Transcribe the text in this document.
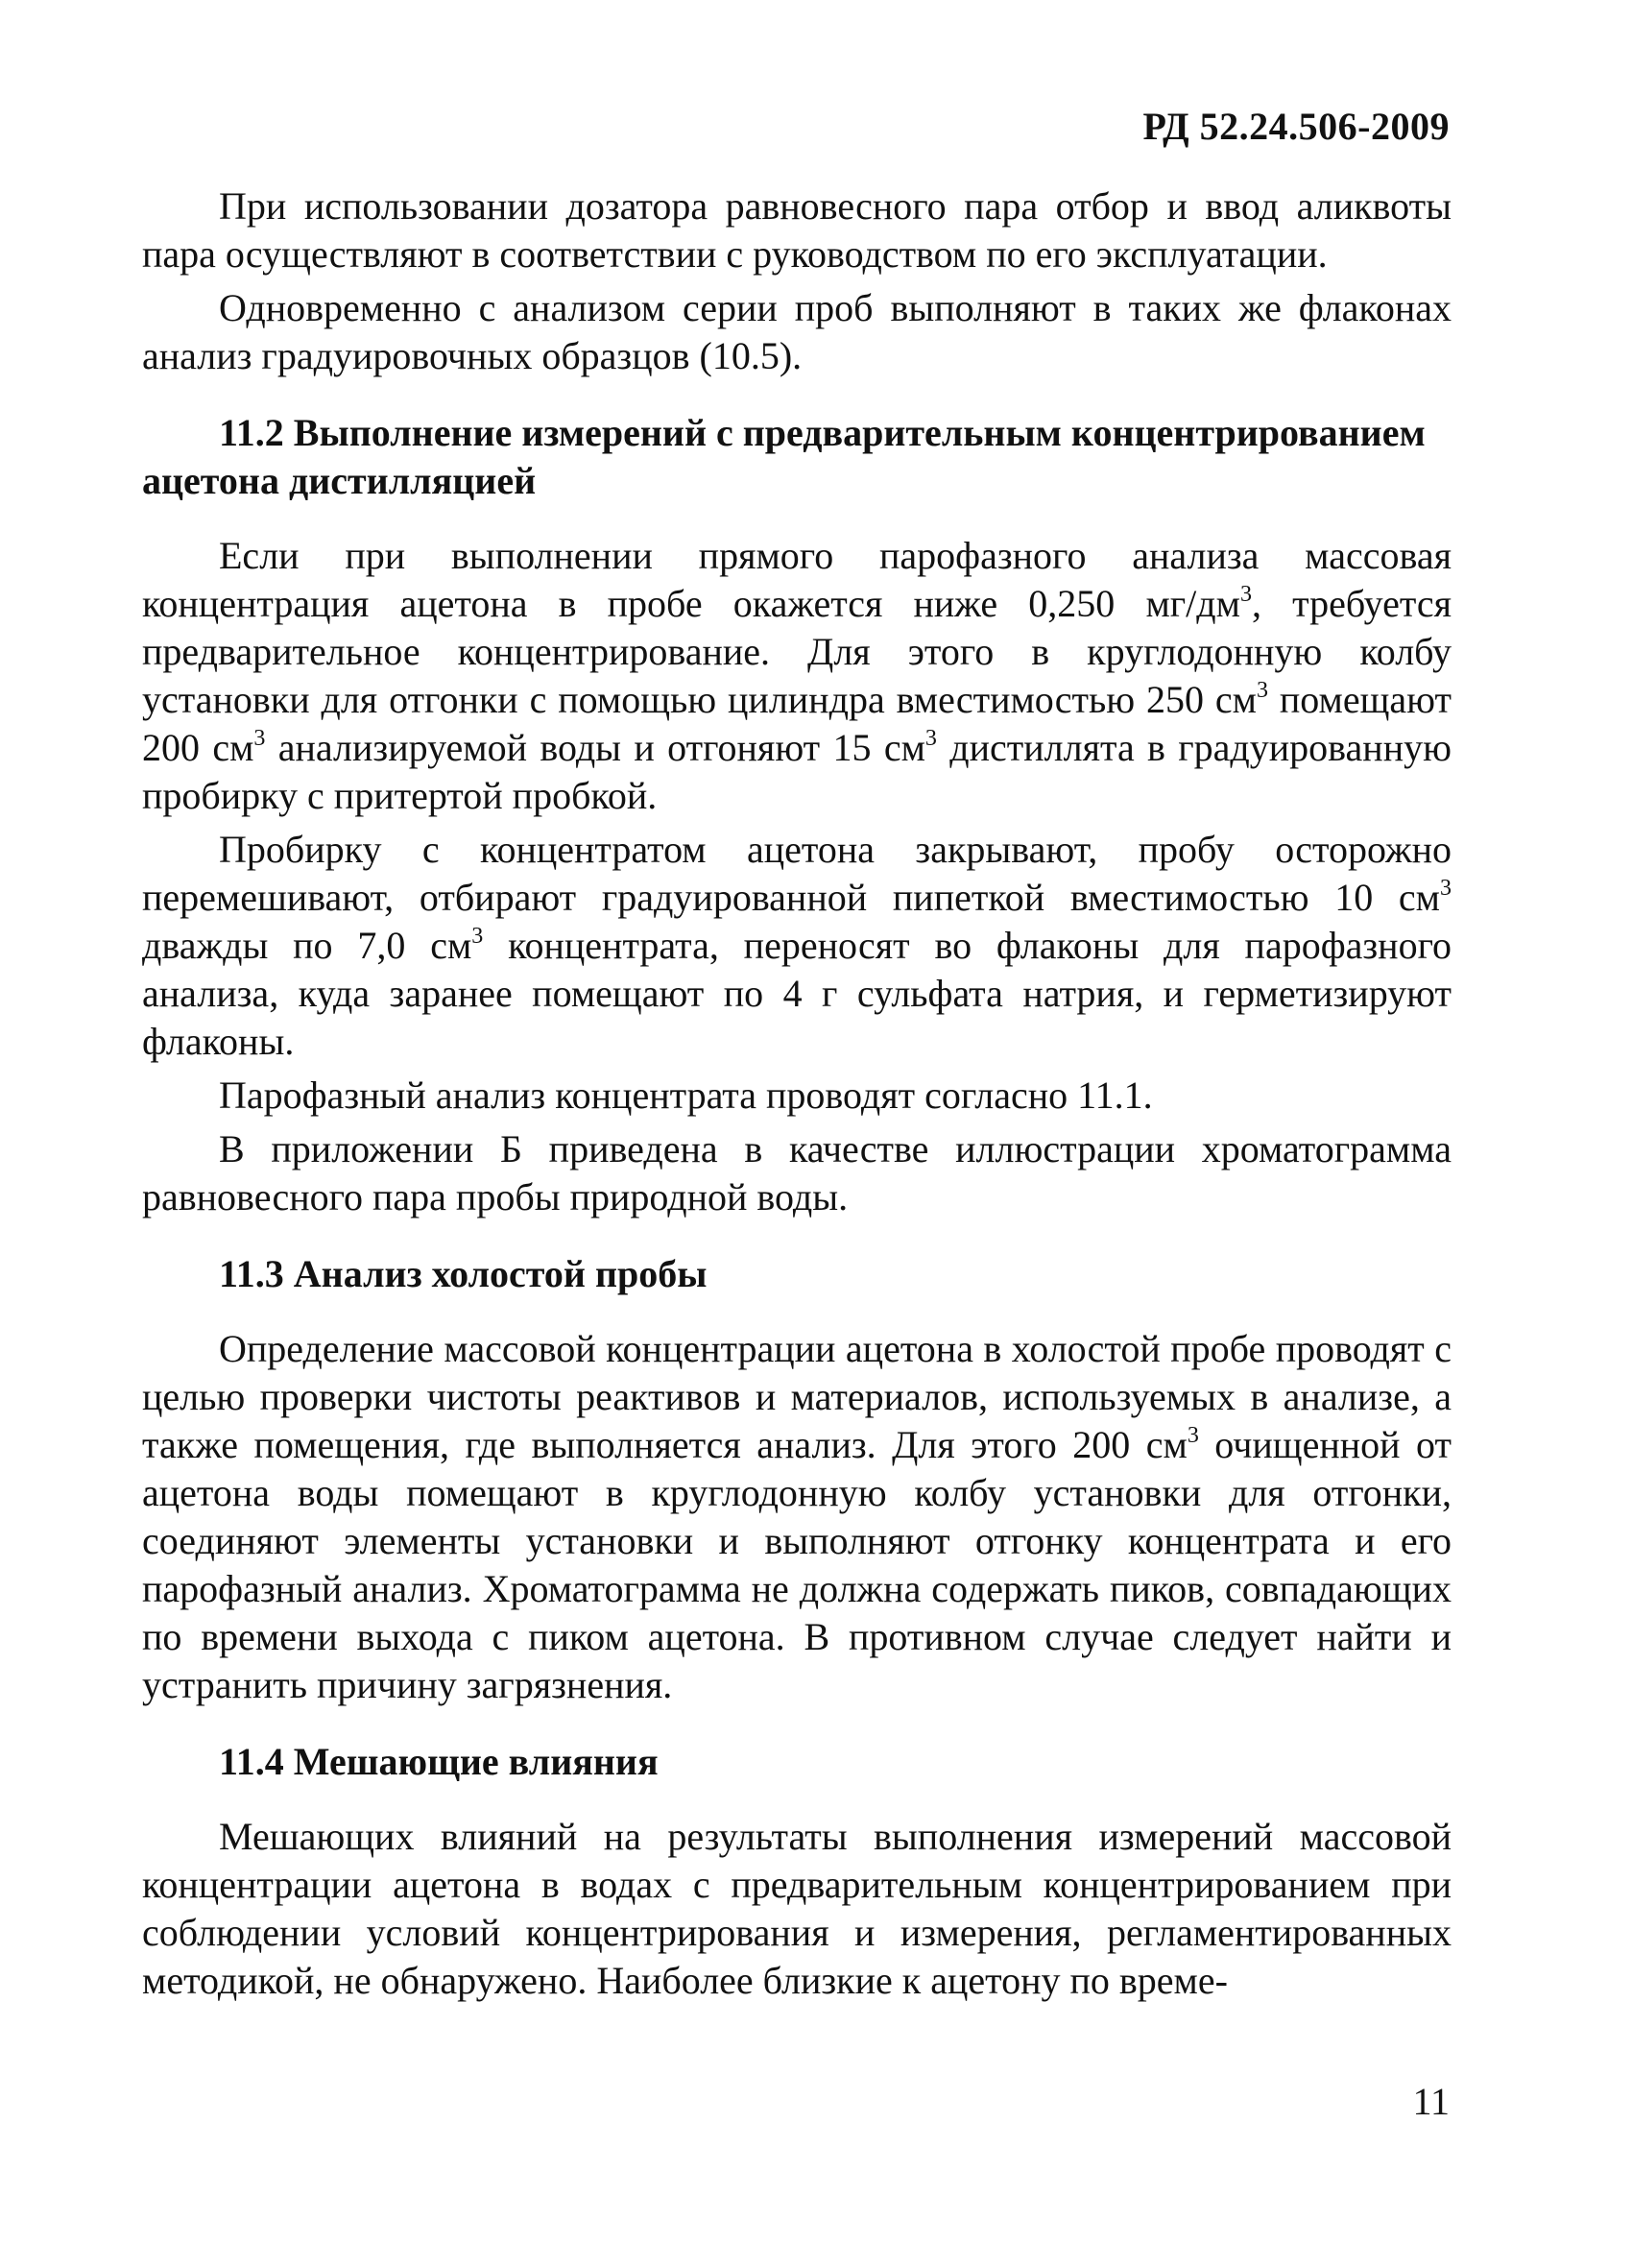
РД 52.24.506-2009

При использовании дозатора равновесного пара отбор и ввод аликвоты пара осуществляют в соответствии с руководством по его эксплуатации.

Одновременно с анализом серии проб выполняют в таких же флаконах анализ градуировочных образцов (10.5).

11.2 Выполнение измерений с предварительным концентрированием ацетона дистилляцией

Если при выполнении прямого парофазного анализа массовая концентрация ацетона в пробе окажется ниже 0,250 $мг/дм^3$, требуется предварительное концентрирование. Для этого в круглодонную колбу установки для отгонки с помощью цилиндра вместимостью 250 $см^3$ помещают 200 $см^3$ анализируемой воды и отгоняют 15 $см^3$ дистиллята в градуированную пробирку с притертой пробкой.

Пробирку с концентратом ацетона закрывают, пробу осторожно перемешивают, отбирают градуированной пипеткой вместимостью 10 $см^3$ дважды по 7,0 $см^3$ концентрата, переносят во флаконы для парофазного анализа, куда заранее помещают по 4 г сульфата натрия, и герметизируют флаконы.

Парофазный анализ концентрата проводят согласно 11.1.

В приложении Б приведена в качестве иллюстрации хроматограмма равновесного пара пробы природной воды.

11.3 Анализ холостой пробы

Определение массовой концентрации ацетона в холостой пробе проводят с целью проверки чистоты реактивов и материалов, используемых в анализе, а также помещения, где выполняется анализ. Для этого 200 $см^3$ очищенной от ацетона воды помещают в круглодонную колбу установки для отгонки, соединяют элементы установки и выполняют отгонку концентрата и его парофазный анализ. Хроматограмма не должна содержать пиков, совпадающих по времени выхода с пиком ацетона. В противном случае следует найти и устранить причину загрязнения.

11.4 Мешающие влияния

Мешающих влияний на результаты выполнения измерений массовой концентрации ацетона в водах с предварительным концентрированием при соблюдении условий концентрирования и измерения, регламентированных методикой, не обнаружено. Наиболее близкие к ацетону по време-

11
